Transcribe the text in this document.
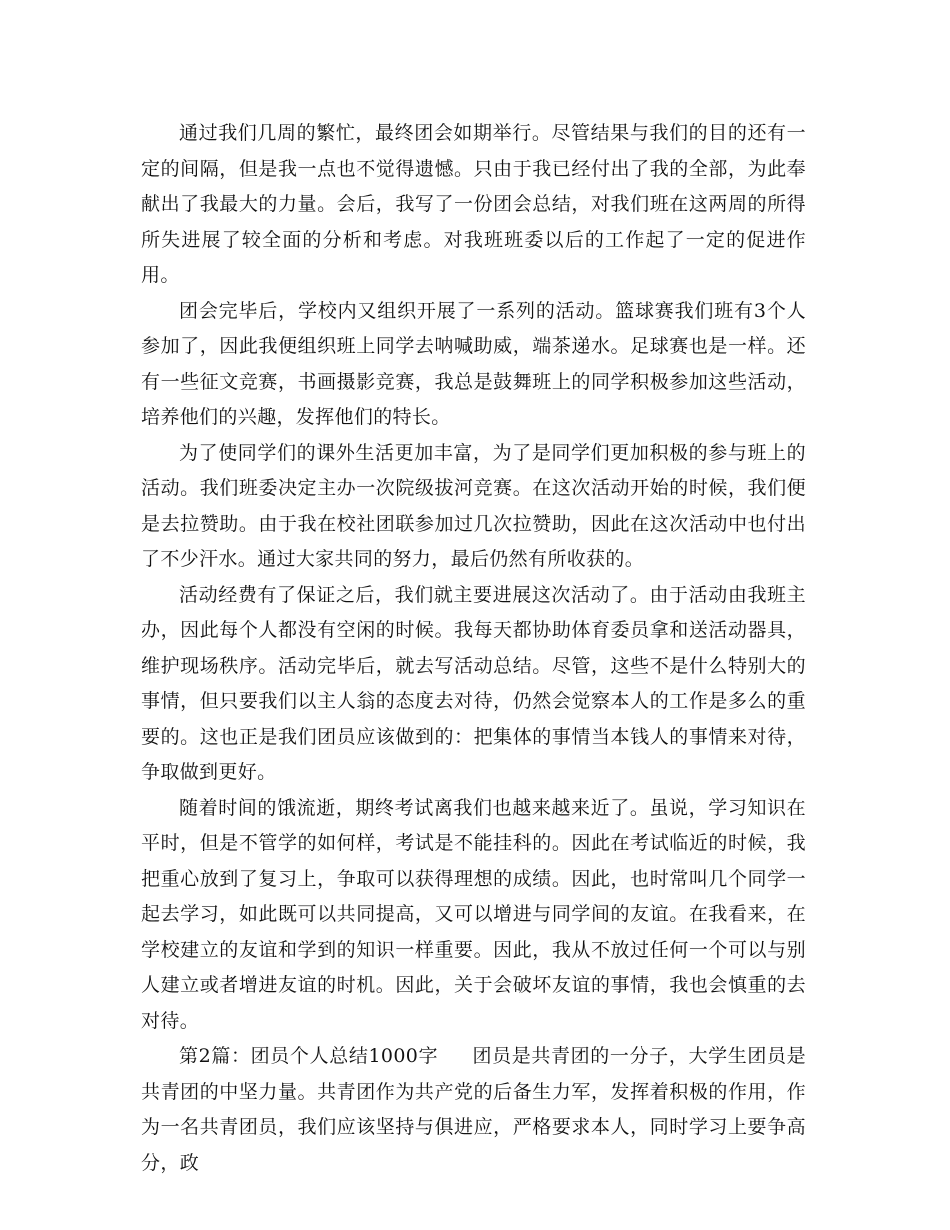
通过我们几周的繁忙，最终团会如期举行。尽管结果与我们的目的还有一定的间隔，但是我一点也不觉得遗憾。只由于我已经付出了我的全部，为此奉献出了我最大的力量。会后，我写了一份团会总结，对我们班在这两周的所得所失进展了较全面的分析和考虑。对我班班委以后的工作起了一定的促进作用。

团会完毕后，学校内又组织开展了一系列的活动。篮球赛我们班有3个人参加了，因此我便组织班上同学去呐喊助威，端茶递水。足球赛也是一样。还有一些征文竞赛，书画摄影竞赛，我总是鼓舞班上的同学积极参加这些活动，培养他们的兴趣，发挥他们的特长。

为了使同学们的课外生活更加丰富，为了是同学们更加积极的参与班上的活动。我们班委决定主办一次院级拔河竞赛。在这次活动开始的时候，我们便是去拉赞助。由于我在校社团联参加过几次拉赞助，因此在这次活动中也付出了不少汗水。通过大家共同的努力，最后仍然有所收获的。

活动经费有了保证之后，我们就主要进展这次活动了。由于活动由我班主办，因此每个人都没有空闲的时候。我每天都协助体育委员拿和送活动器具，维护现场秩序。活动完毕后，就去写活动总结。尽管，这些不是什么特别大的事情，但只要我们以主人翁的态度去对待，仍然会觉察本人的工作是多么的重要的。这也正是我们团员应该做到的：把集体的事情当本钱人的事情来对待，争取做到更好。

随着时间的饿流逝，期终考试离我们也越来越来近了。虽说，学习知识在平时，但是不管学的如何样，考试是不能挂科的。因此在考试临近的时候，我把重心放到了复习上，争取可以获得理想的成绩。因此，也时常叫几个同学一起去学习，如此既可以共同提高，又可以增进与同学间的友谊。在我看来，在学校建立的友谊和学到的知识一样重要。因此，我从不放过任何一个可以与别人建立或者增进友谊的时机。因此，关于会破坏友谊的事情，我也会慎重的去对待。

第2篇：团员个人总结1000字 团员是共青团的一分子，大学生团员是共青团的中坚力量。共青团作为共产党的后备生力军，发挥着积极的作用，作为一名共青团员，我们应该坚持与俱进应，严格要求本人，同时学习上要争高分，政
